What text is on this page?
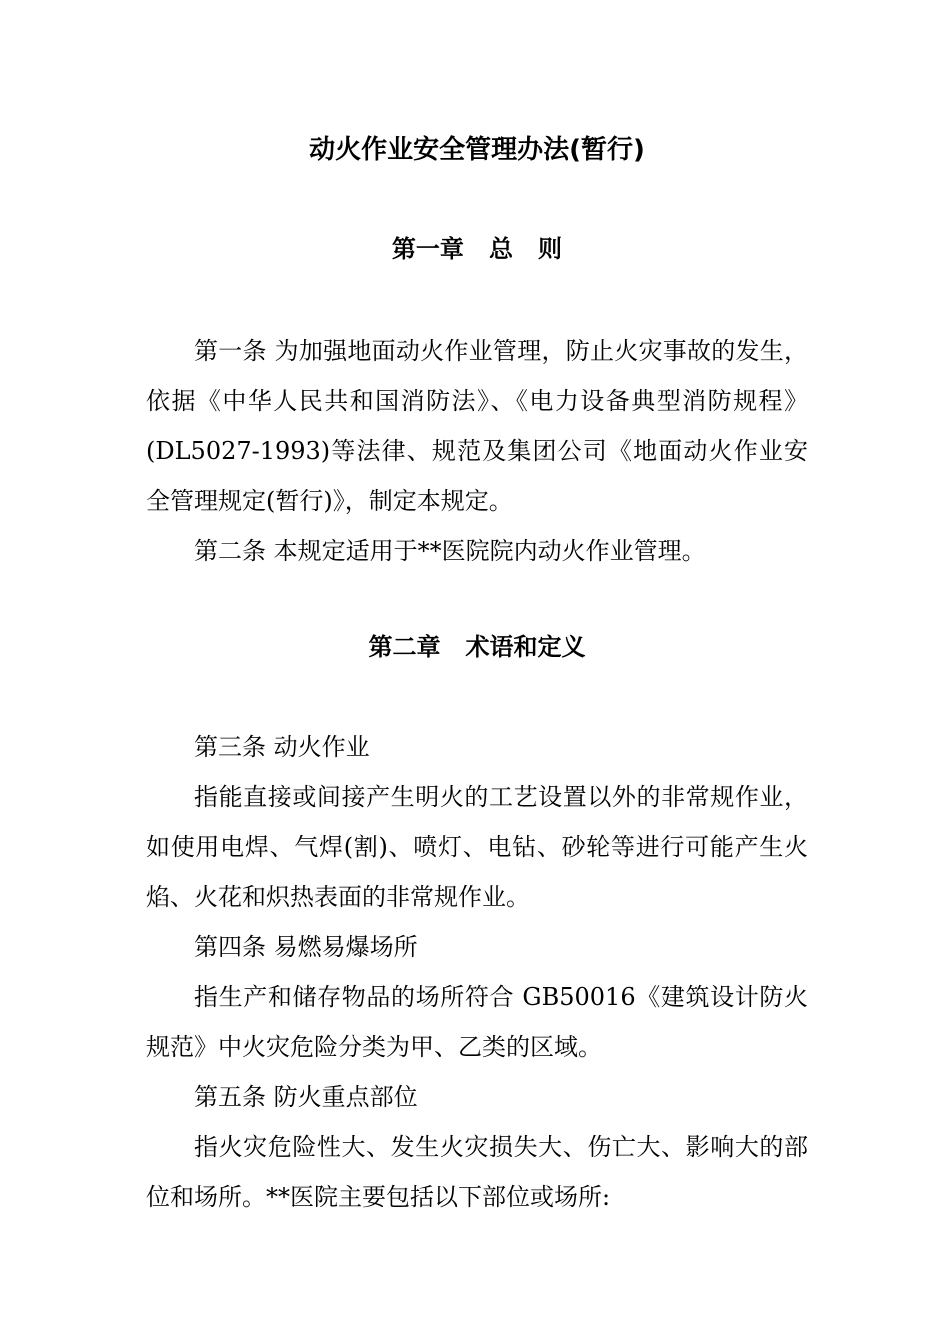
动火作业安全管理办法(暂行)
第一章   总   则

第一条 为加强地面动火作业管理，防止火灾事故的发生，依据《中华人民共和国消防法》、《电力设备典型消防规程》(DL5027-1993)等法律、规范及集团公司《地面动火作业安全管理规定(暂行)》，制定本规定。

第二条 本规定适用于**医院院内动火作业管理。

第二章   术语和定义

第三条 动火作业

指能直接或间接产生明火的工艺设置以外的非常规作业，如使用电焊、气焊(割)、喷灯、电钻、砂轮等进行可能产生火焰、火花和炽热表面的非常规作业。

第四条 易燃易爆场所

指生产和储存物品的场所符合 GB50016《建筑设计防火规范》中火灾危险分类为甲、乙类的区域。

第五条 防火重点部位

指火灾危险性大、发生火灾损失大、伤亡大、影响大的部位和场所。**医院主要包括以下部位或场所:
